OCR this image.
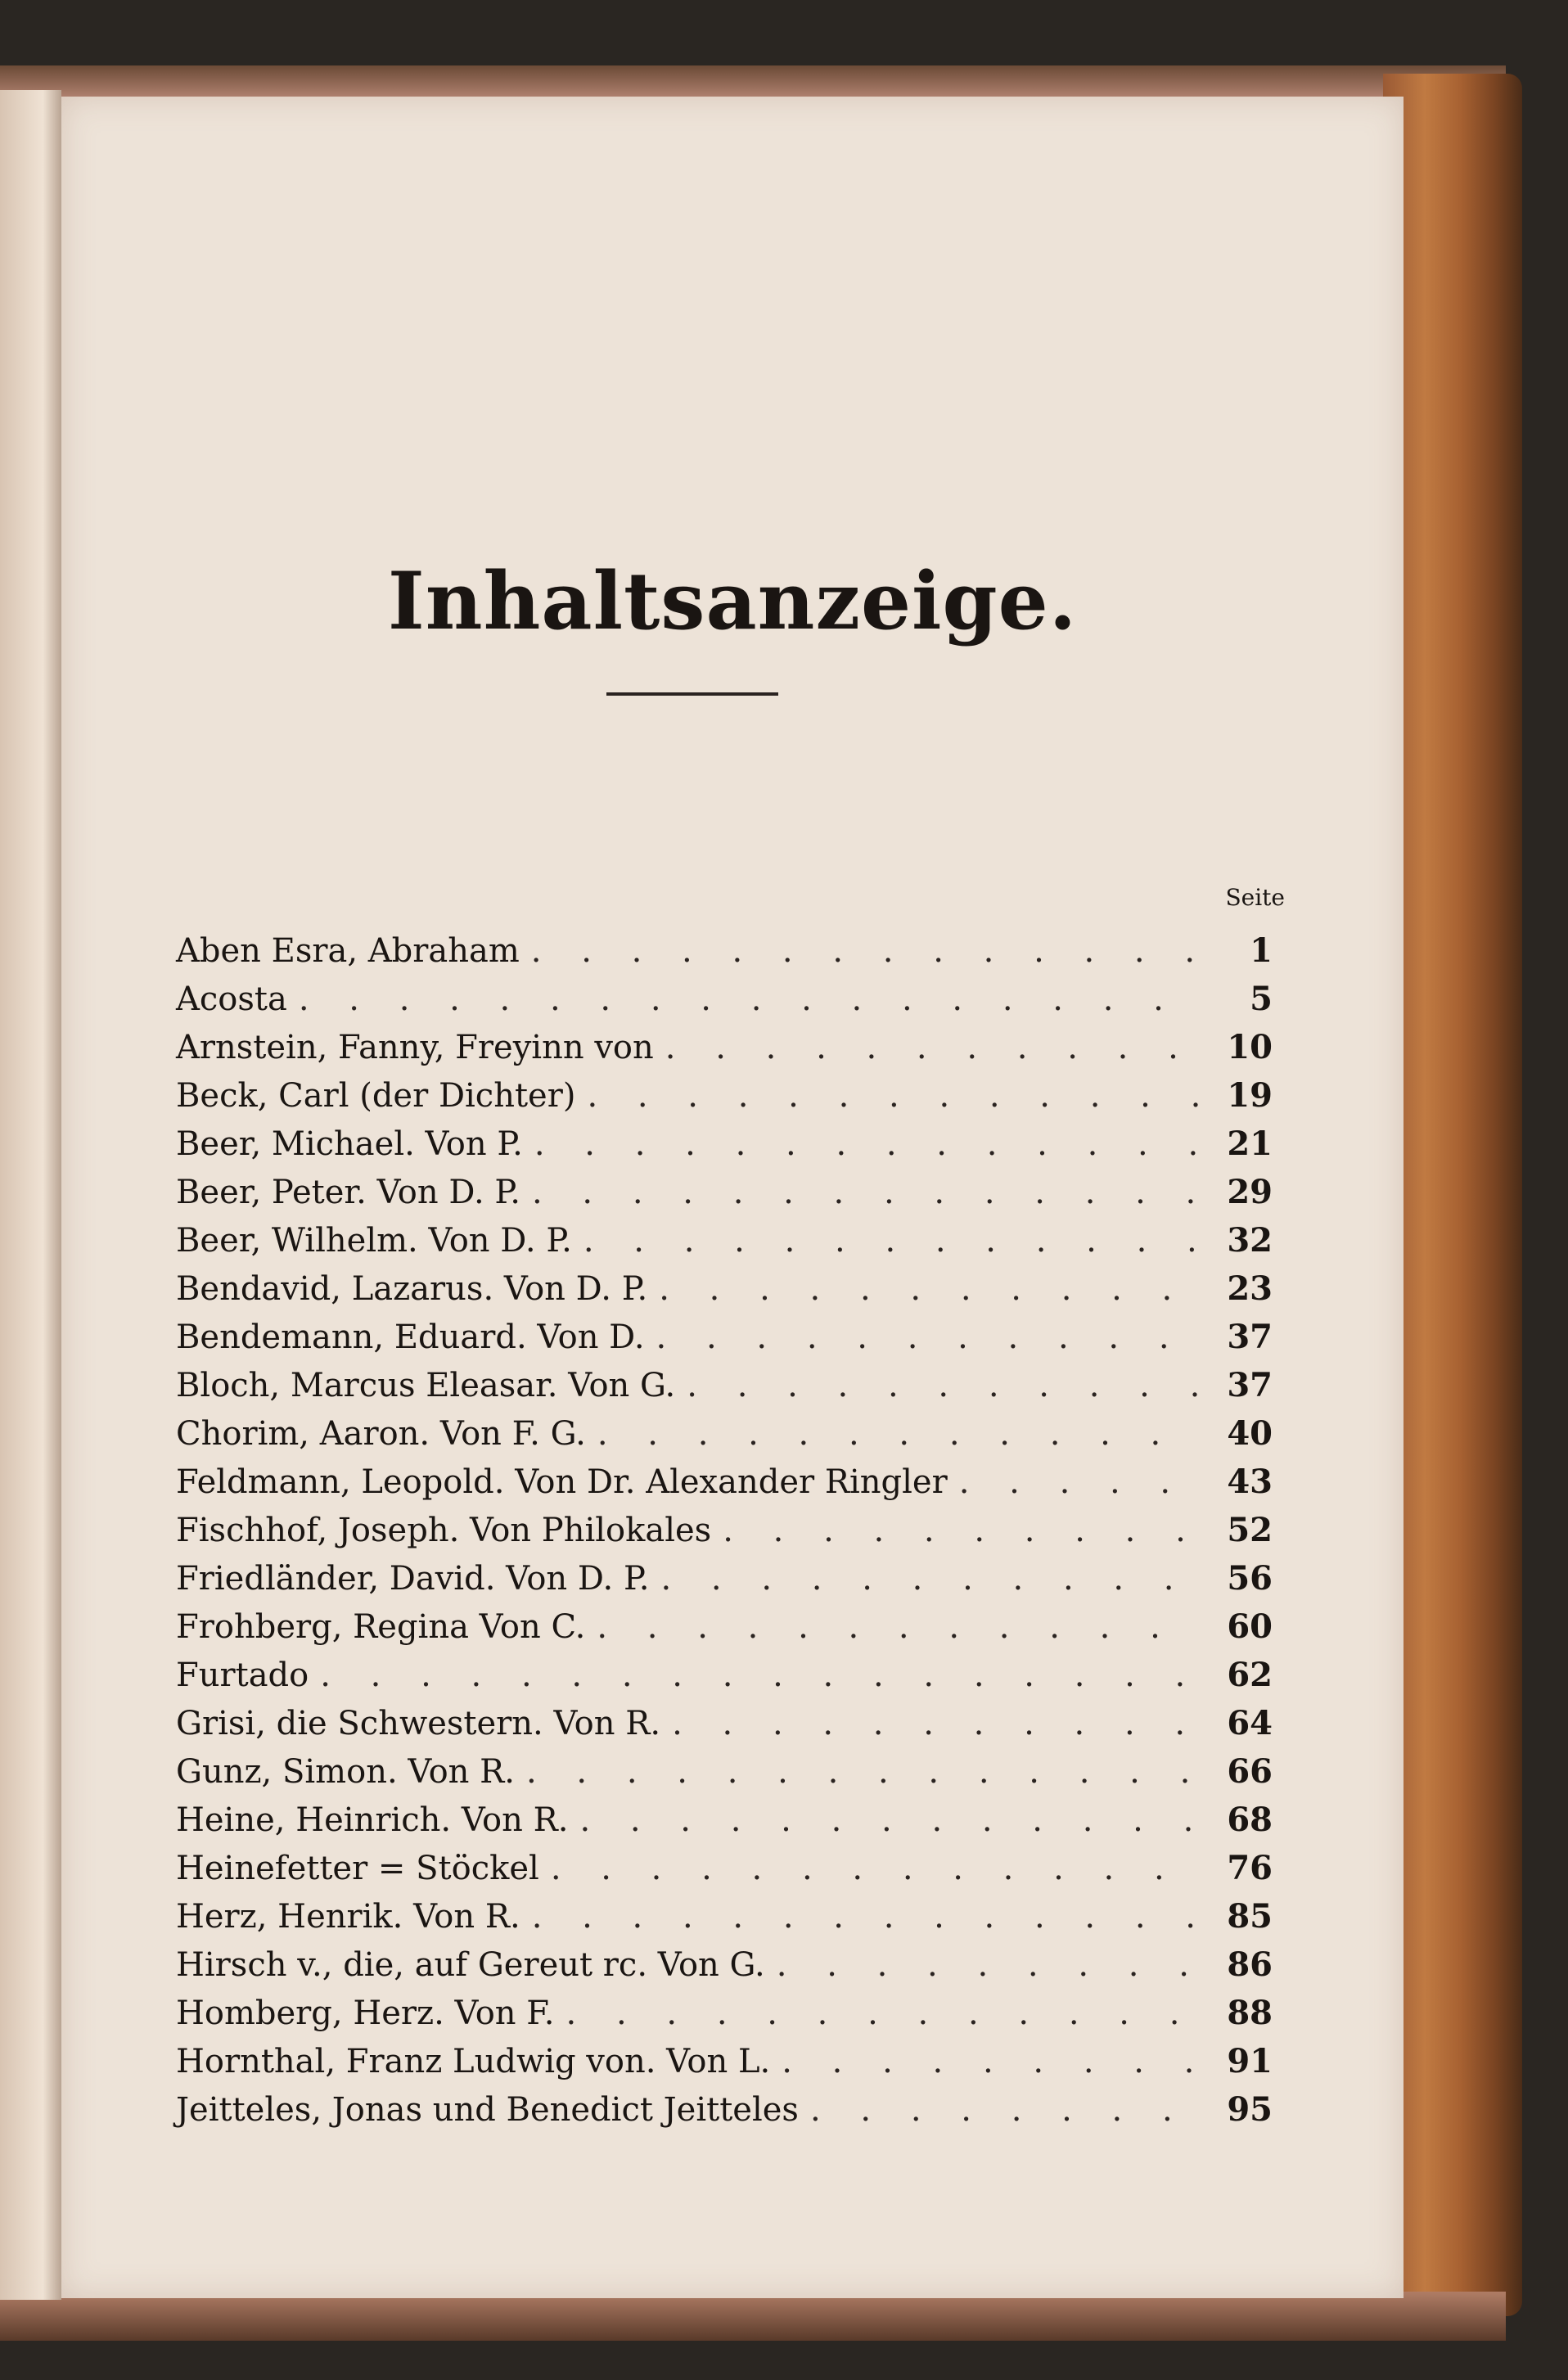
Inhaltsanzeige.
Seite
Aben Esra, Abraham . . .	1
Acosta . . .	5
Arnstein, Fanny, Freyinn von . . .	10
Beck, Carl (der Dichter) . . .	19
Beer, Michael. Von P. . . .	21
Beer, Peter. Von D. P. . . .	29
Beer, Wilhelm. Von D. P. . . .	32
Bendavid, Lazarus. Von D. P. . . .	23
Bendemann, Eduard. Von D. . . .	37
Bloch, Marcus Eleasar. Von G. . . .	37
Chorim, Aaron. Von F. G. . . .	40
Feldmann, Leopold. Von Dr. Alexander Ringler . . .	43
Fischhof, Joseph. Von Philokales . . .	52
Friedländer, David. Von D. P. . . .	56
Frohberg, Regina Von C. . . .	60
Furtado . . .	62
Grisi, die Schwestern. Von R. . . .	64
Gunz, Simon. Von R. . . .	66
Heine, Heinrich. Von R. . . .	68
Heinefetter = Stöckel . . .	76
Herz, Henrik. Von R. . . .	85
Hirsch v., die, auf Gereut rc. Von G. . . .	86
Homberg, Herz. Von F. . . .	88
Hornthal, Franz Ludwig von. Von L. . . .	91
Jeitteles, Jonas und Benedict Jeitteles . . .	95
